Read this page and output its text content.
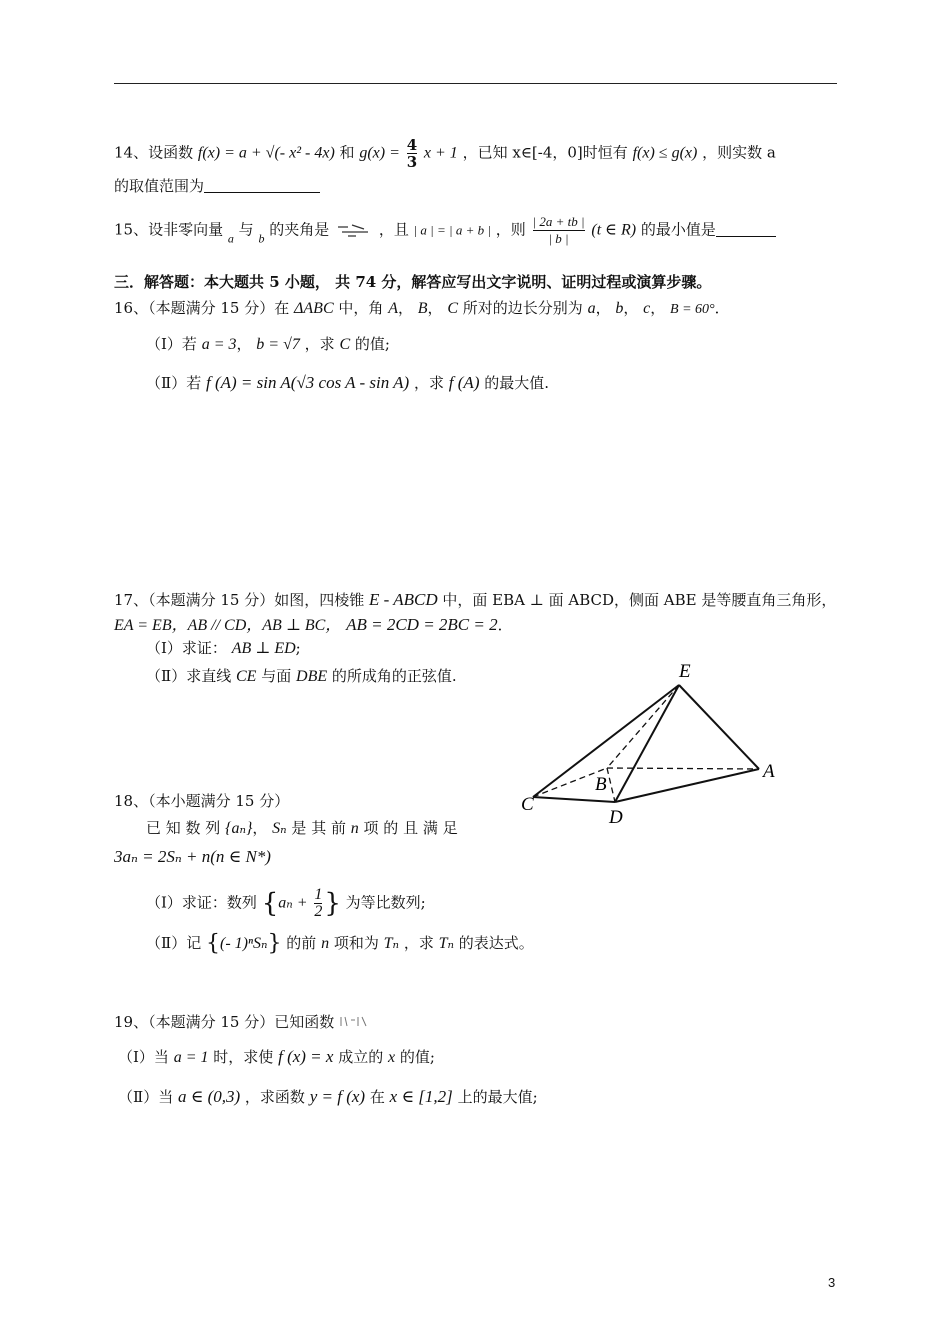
14、设函数 f(x) = a + √(- x² - 4x) 和 $g(x) = \frac{4}{3}$ x + 1 ，已知 x∈[-4，0]时恒有 f(x) ≤ g(x) ，则实数 a
的取值范围为
15、设非零向量 $_a$ 与 $_b$ 的夹角是	，且 | a | = | a + b | ，则 $\frac{| 2a + tb |}{| b |} (t$ ∈ R) 的最小值是
三．解答题：本大题共 5 小题， 共 74 分，解答应写出文字说明、证明过程或演算步骤。
16、（本题满分 15 分）在 ΔABC 中，角 A， B， C 所对的边长分别为 a， b， c， B = 60°．
（Ⅰ）若 a = 3， b = √7 ，求 C 的值;
（Ⅱ）若 f (A) = sin A(√3 cos A - sin A) ，求 f (A) 的最大值.
17、（本题满分 15 分）如图，四棱锥 E - ABCD 中，面 EBA ⊥ 面 ABCD，侧面 ABE 是等腰直角三角形，
EA = EB，AB // CD，AB ⊥ BC， AB = 2CD = 2BC = 2．
（Ⅰ）求证： AB ⊥ ED;
（Ⅱ）求直线 CE 与面 DBE 的所成角的正弦值.	E
A
B
C
D
18、（本小题满分 15 分）
已 知 数 列 {aₙ}， Sₙ 是 其 前 n 项 的 且 满 足
3aₙ = 2Sₙ + n(n ∈ N*)
（I）求证：数列 {$a_n + \frac{1}{2}$ } 为等比数列;
（Ⅱ）记 {(- 1)ⁿSₙ} 的前 n 项和为 Tₙ ，求 Tₙ 的表达式。
19、（本题满分 15 分）已知函数
（Ⅰ）当 a = 1 时，求使 f (x) = x 成立的 x 的值;
（Ⅱ）当 a ∈ (0,3) ，求函数 y = f (x) 在 x ∈ [1,2] 上的最大值;
3
